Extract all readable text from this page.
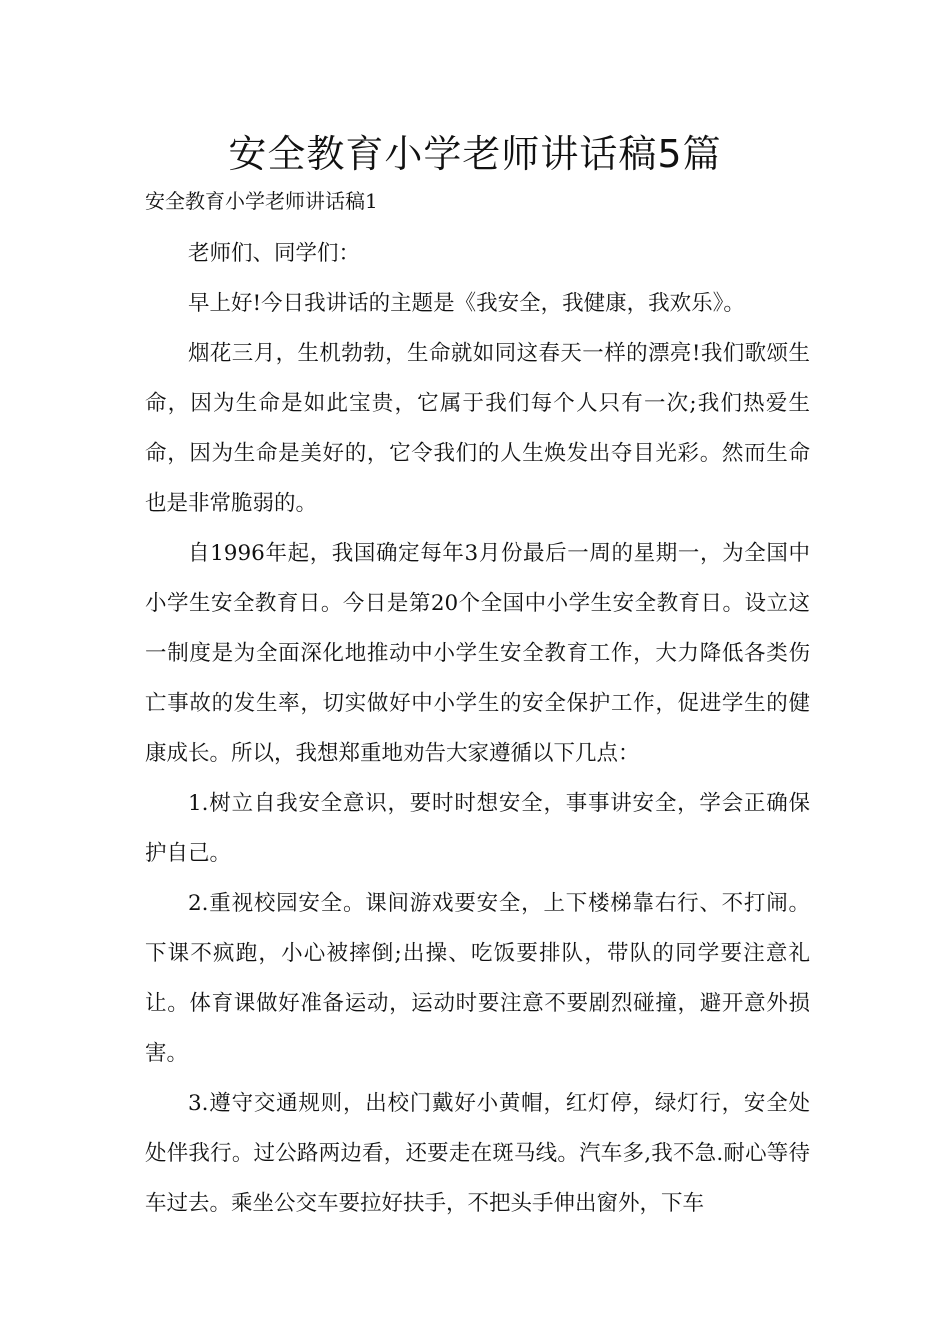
安全教育小学老师讲话稿5篇
安全教育小学老师讲话稿1

老师们、同学们：

早上好!今日我讲话的主题是《我安全，我健康，我欢乐》。

烟花三月，生机勃勃，生命就如同这春天一样的漂亮!我们歌颂生命，因为生命是如此宝贵，它属于我们每个人只有一次;我们热爱生命，因为生命是美好的，它令我们的人生焕发出夺目光彩。然而生命也是非常脆弱的。

自1996年起，我国确定每年3月份最后一周的星期一，为全国中小学生安全教育日。今日是第20个全国中小学生安全教育日。设立这一制度是为全面深化地推动中小学生安全教育工作，大力降低各类伤亡事故的发生率，切实做好中小学生的安全保护工作，促进学生的健康成长。所以，我想郑重地劝告大家遵循以下几点：

1.树立自我安全意识，要时时想安全，事事讲安全，学会正确保护自己。

2.重视校园安全。课间游戏要安全，上下楼梯靠右行、不打闹。下课不疯跑，小心被摔倒;出操、吃饭要排队，带队的同学要注意礼让。体育课做好准备运动，运动时要注意不要剧烈碰撞，避开意外损害。

3.遵守交通规则，出校门戴好小黄帽，红灯停，绿灯行，安全处处伴我行。过公路两边看，还要走在斑马线。汽车多,我不急.耐心等待车过去。乘坐公交车要拉好扶手，不把头手伸出窗外，下车
